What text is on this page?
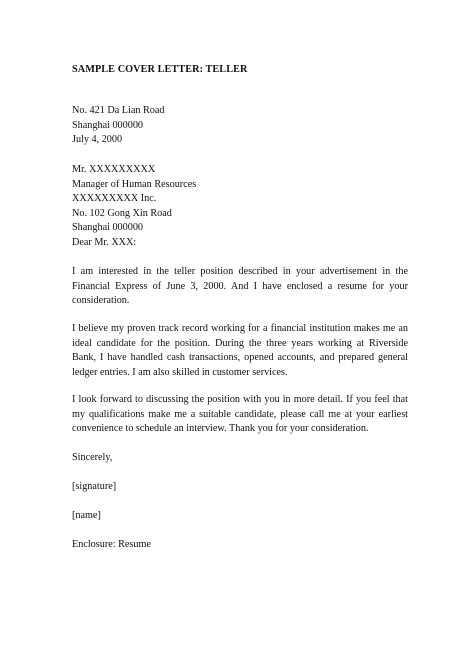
SAMPLE COVER LETTER: TELLER
No. 421 Da Lian Road
Shanghai 000000
July 4, 2000
Mr. XXXXXXXXX
Manager of Human Resources
XXXXXXXXX Inc.
No. 102 Gong Xin Road
Shanghai 000000
Dear Mr. XXX:
I am interested in the teller position described in your advertisement in the Financial Express of June 3, 2000. And I have enclosed a resume for your consideration.
I believe my proven track record working for a financial institution makes me an ideal candidate for the position. During the three years working at Riverside Bank, I have handled cash transactions, opened accounts, and prepared general ledger entries. I am also skilled in customer services.
I look forward to discussing the position with you in more detail. If you feel that my qualifications make me a suitable candidate, please call me at your earliest convenience to schedule an interview. Thank you for your consideration.
Sincerely,
[signature]
[name]
Enclosure: Resume
